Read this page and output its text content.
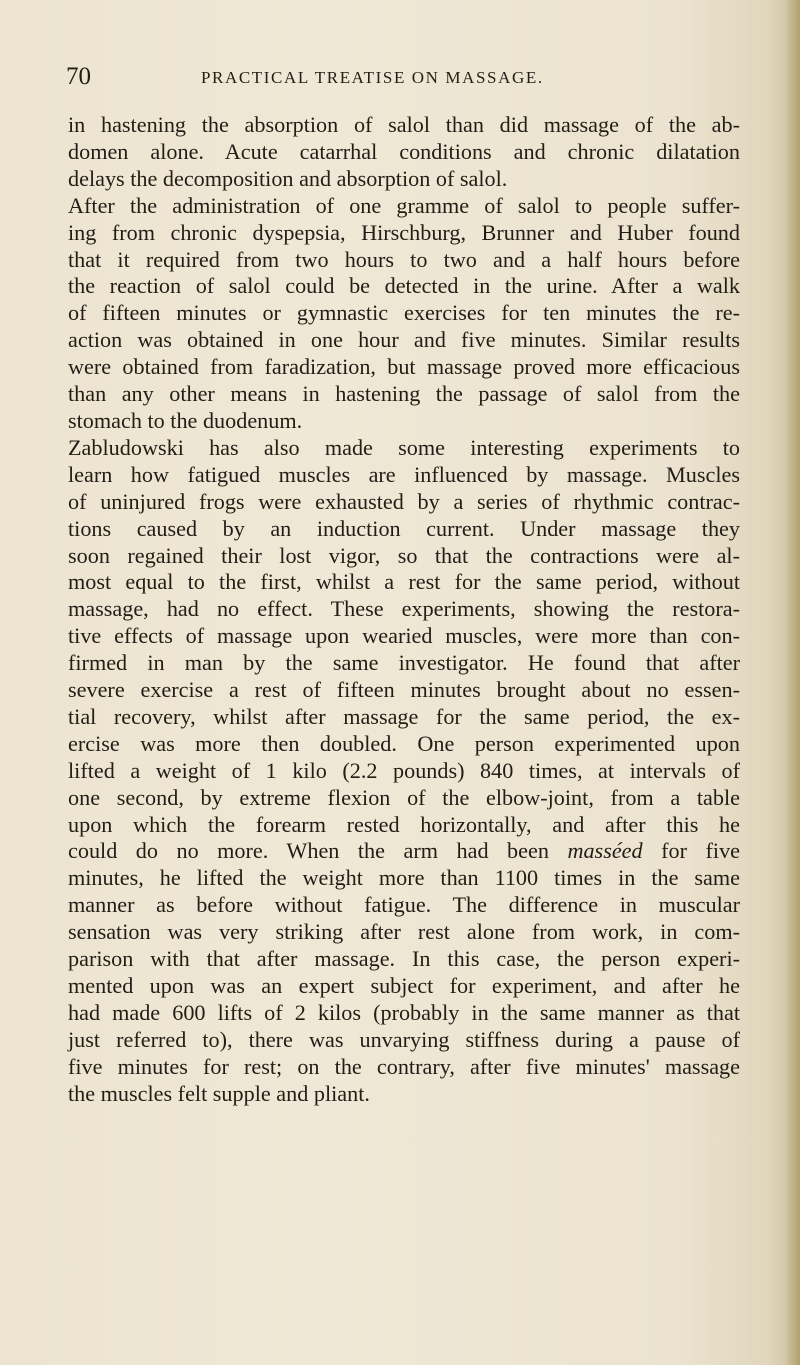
70	PRACTICAL TREATISE ON MASSAGE.
in hastening the absorption of salol than did massage of the ab-
domen alone. Acute catarrhal conditions and chronic dilatation
delays the decomposition and absorption of salol.
After the administration of one gramme of salol to people suffer-
ing from chronic dyspepsia, Hirschburg, Brunner and Huber found
that it required from two hours to two and a half hours before
the reaction of salol could be detected in the urine. After a walk
of fifteen minutes or gymnastic exercises for ten minutes the re-
action was obtained in one hour and five minutes. Similar results
were obtained from faradization, but massage proved more efficacious
than any other means in hastening the passage of salol from the
stomach to the duodenum.
Zabludowski has also made some interesting experiments to
learn how fatigued muscles are influenced by massage. Muscles
of uninjured frogs were exhausted by a series of rhythmic contrac-
tions caused by an induction current. Under massage they
soon regained their lost vigor, so that the contractions were al-
most equal to the first, whilst a rest for the same period, without
massage, had no effect. These experiments, showing the restora-
tive effects of massage upon wearied muscles, were more than con-
firmed in man by the same investigator. He found that after
severe exercise a rest of fifteen minutes brought about no essen-
tial recovery, whilst after massage for the same period, the ex-
ercise was more then doubled. One person experimented upon
lifted a weight of 1 kilo (2.2 pounds) 840 times, at intervals of
one second, by extreme flexion of the elbow-joint, from a table
upon which the forearm rested horizontally, and after this he
could do no more. When the arm had been masséed for five
minutes, he lifted the weight more than 1100 times in the same
manner as before without fatigue. The difference in muscular
sensation was very striking after rest alone from work, in com-
parison with that after massage. In this case, the person experi-
mented upon was an expert subject for experiment, and after he
had made 600 lifts of 2 kilos (probably in the same manner as that
just referred to), there was unvarying stiffness during a pause of
five minutes for rest; on the contrary, after five minutes' massage
the muscles felt supple and pliant.
